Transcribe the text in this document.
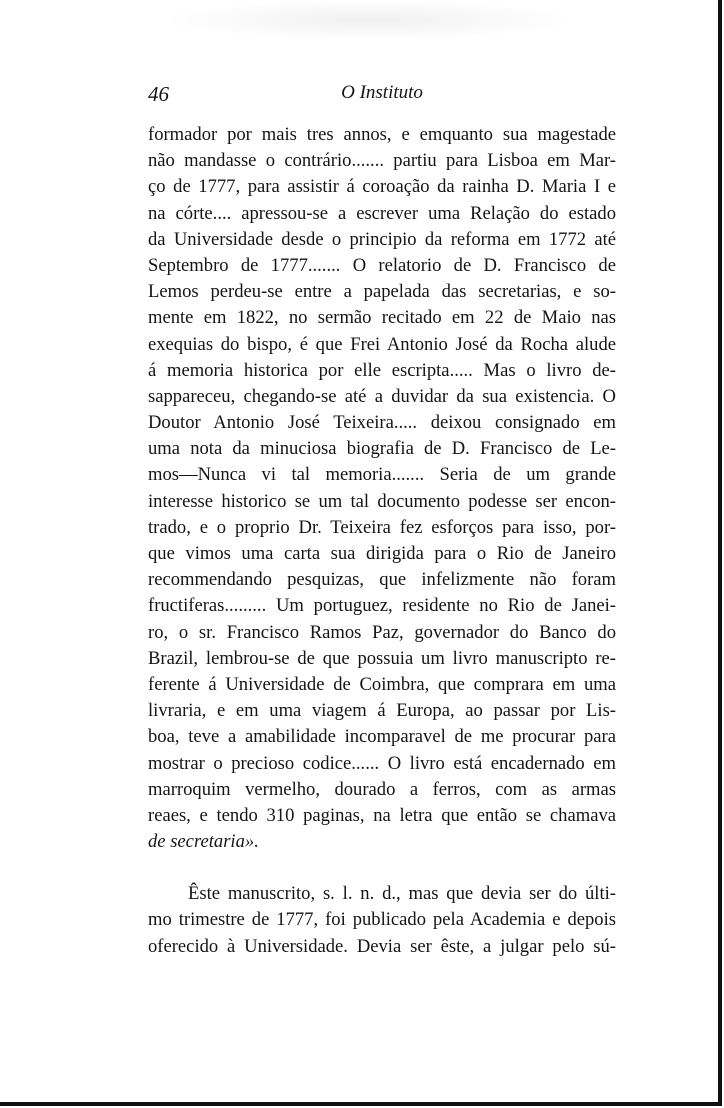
46	O Instituto
formador por mais tres annos, e emquanto sua magestade
não mandasse o contrário....... partiu para Lisboa em Mar-
ço de 1777, para assistir á coroação da rainha D. Maria I e
na córte.... apressou-se a escrever uma Relação do estado
da Universidade desde o principio da reforma em 1772 até
Septembro de 1777....... O relatorio de D. Francisco de
Lemos perdeu-se entre a papelada das secretarias, e so-
mente em 1822, no sermão recitado em 22 de Maio nas
exequias do bispo, é que Frei Antonio José da Rocha alude
á memoria historica por elle escripta..... Mas o livro de-
sappareceu, chegando-se até a duvidar da sua existencia. O
Doutor Antonio José Teixeira..... deixou consignado em
uma nota da minuciosa biografia de D. Francisco de Le-
mos—Nunca vi tal memoria....... Seria de um grande
interesse historico se um tal documento podesse ser encon-
trado, e o proprio Dr. Teixeira fez esforços para isso, por-
que vimos uma carta sua dirigida para o Rio de Janeiro
recommendando pesquizas, que infelizmente não foram
fructiferas......... Um portuguez, residente no Rio de Janei-
ro, o sr. Francisco Ramos Paz, governador do Banco do
Brazil, lembrou-se de que possuia um livro manuscripto re-
ferente á Universidade de Coimbra, que comprara em uma
livraria, e em uma viagem á Europa, ao passar por Lis-
boa, teve a amabilidade incomparavel de me procurar para
mostrar o precioso codice...... O livro está encadernado em
marroquim vermelho, dourado a ferros, com as armas
reaes, e tendo 310 paginas, na letra que então se chamava
de secretaria».
Êste manuscrito, s. l. n. d., mas que devia ser do últi-
mo trimestre de 1777, foi publicado pela Academia e depois
oferecido à Universidade. Devia ser êste, a julgar pelo sú-
